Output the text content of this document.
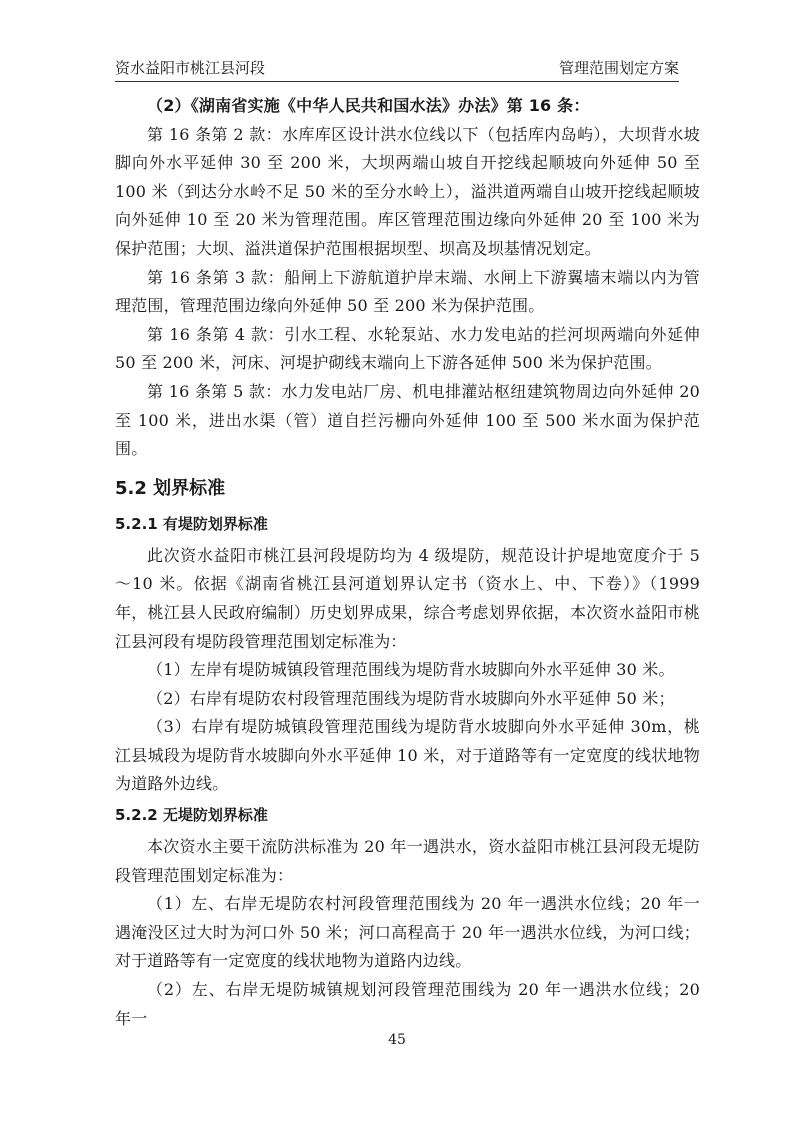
资水益阳市桃江县河段	管理范围划定方案

（2）《湖南省实施《中华人民共和国水法》办法》第 16 条：

第 16 条第 2 款：水库库区设计洪水位线以下（包括库内岛屿），大坝背水坡脚向外水平延伸 30 至 200 米，大坝两端山坡自开挖线起顺坡向外延伸 50 至 100 米（到达分水岭不足 50 米的至分水岭上），溢洪道两端自山坡开挖线起顺坡向外延伸 10 至 20 米为管理范围。库区管理范围边缘向外延伸 20 至 100 米为保护范围；大坝、溢洪道保护范围根据坝型、坝高及坝基情况划定。

第 16 条第 3 款：船闸上下游航道护岸末端、水闸上下游翼墙末端以内为管理范围，管理范围边缘向外延伸 50 至 200 米为保护范围。

第 16 条第 4 款：引水工程、水轮泵站、水力发电站的拦河坝两端向外延伸 50 至 200 米，河床、河堤护砌线末端向上下游各延伸 500 米为保护范围。

第 16 条第 5 款：水力发电站厂房、机电排灌站枢纽建筑物周边向外延伸 20 至 100 米，进出水渠（管）道自拦污栅向外延伸 100 至 500 米水面为保护范围。

5.2 划界标准
5.2.1 有堤防划界标准

此次资水益阳市桃江县河段堤防均为 4 级堤防，规范设计护堤地宽度介于 5～10 米。依据《湖南省桃江县河道划界认定书（资水上、中、下卷）》（1999 年，桃江县人民政府编制）历史划界成果，综合考虑划界依据，本次资水益阳市桃江县河段有堤防段管理范围划定标准为：

（1）左岸有堤防城镇段管理范围线为堤防背水坡脚向外水平延伸 30 米。

（2）右岸有堤防农村段管理范围线为堤防背水坡脚向外水平延伸 50 米；

（3）右岸有堤防城镇段管理范围线为堤防背水坡脚向外水平延伸 30m，桃江县城段为堤防背水坡脚向外水平延伸 10 米，对于道路等有一定宽度的线状地物为道路外边线。

5.2.2 无堤防划界标准

本次资水主要干流防洪标准为 20 年一遇洪水，资水益阳市桃江县河段无堤防段管理范围划定标准为：

（1）左、右岸无堤防农村河段管理范围线为 20 年一遇洪水位线；20 年一遇淹没区过大时为河口外 50 米；河口高程高于 20 年一遇洪水位线，为河口线；对于道路等有一定宽度的线状地物为道路内边线。

（2）左、右岸无堤防城镇规划河段管理范围线为 20 年一遇洪水位线；20 年一

45
